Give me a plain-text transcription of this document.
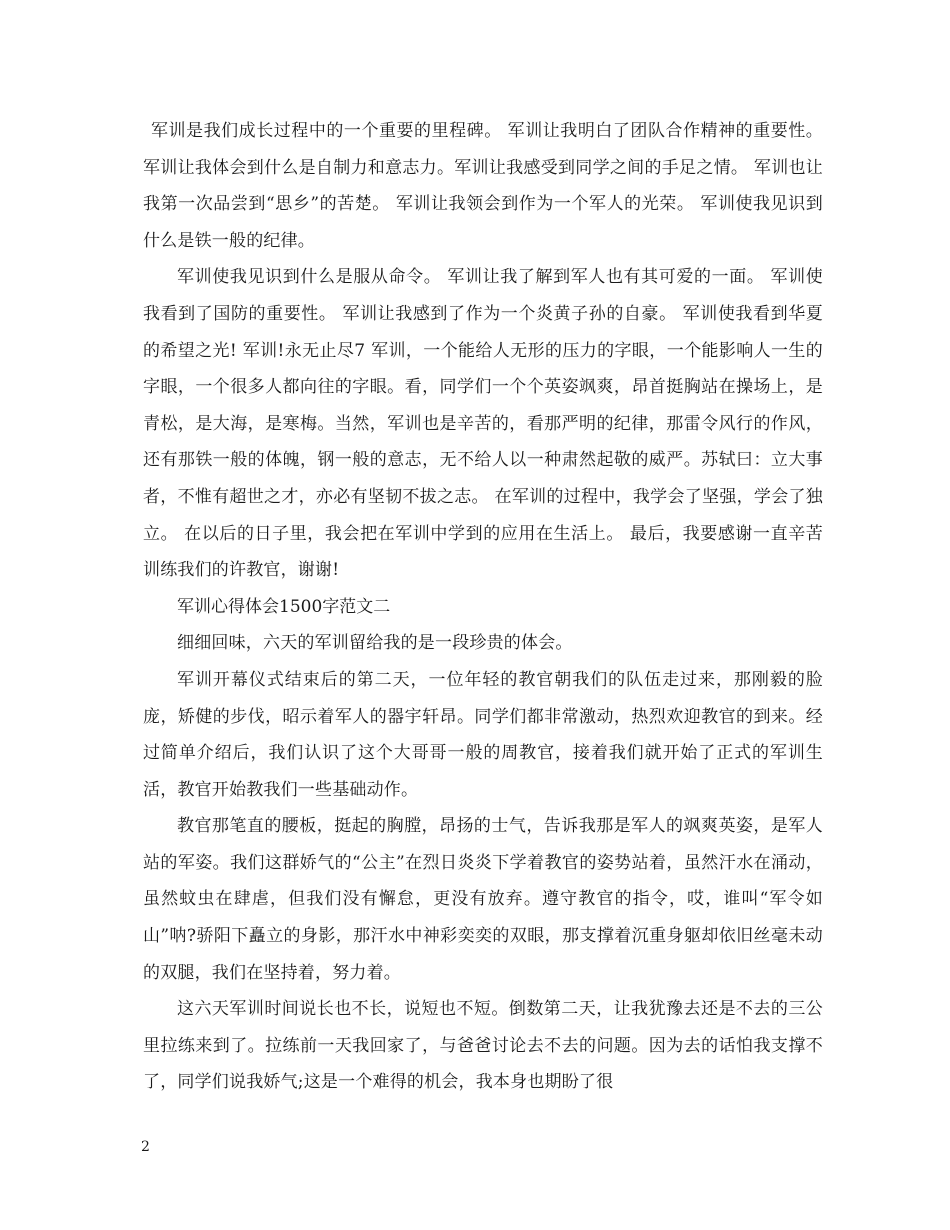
军训是我们成长过程中的一个重要的里程碑。 军训让我明白了团队合作精神的重要性。 军训让我体会到什么是自制力和意志力。军训让我感受到同学之间的手足之情。 军训也让我第一次品尝到“思乡”的苦楚。 军训让我领会到作为一个军人的光荣。 军训使我见识到什么是铁一般的纪律。

军训使我见识到什么是服从命令。 军训让我了解到军人也有其可爱的一面。 军训使我看到了国防的重要性。 军训让我感到了作为一个炎黄子孙的自豪。 军训使我看到华夏的希望之光! 军训!永无止尽7 军训，一个能给人无形的压力的字眼，一个能影响人一生的字眼，一个很多人都向往的字眼。看，同学们一个个英姿飒爽，昂首挺胸站在操场上，是青松，是大海，是寒梅。当然，军训也是辛苦的，看那严明的纪律，那雷令风行的作风，还有那铁一般的体魄，钢一般的意志，无不给人以一种肃然起敬的威严。苏轼曰：立大事者，不惟有超世之才，亦必有坚韧不拔之志。 在军训的过程中，我学会了坚强，学会了独立。 在以后的日子里，我会把在军训中学到的应用在生活上。 最后，我要感谢一直辛苦训练我们的许教官，谢谢!

军训心得体会1500字范文二

细细回味，六天的军训留给我的是一段珍贵的体会。

军训开幕仪式结束后的第二天，一位年轻的教官朝我们的队伍走过来，那刚毅的脸庞，矫健的步伐，昭示着军人的器宇轩昂。同学们都非常激动，热烈欢迎教官的到来。经过简单介绍后，我们认识了这个大哥哥一般的周教官，接着我们就开始了正式的军训生活，教官开始教我们一些基础动作。

教官那笔直的腰板，挺起的胸膛，昂扬的士气，告诉我那是军人的飒爽英姿，是军人站的军姿。我们这群娇气的“公主”在烈日炎炎下学着教官的姿势站着，虽然汗水在涌动，虽然蚊虫在肆虐，但我们没有懈怠，更没有放弃。遵守教官的指令，哎，谁叫“军令如山”呐?骄阳下矗立的身影，那汗水中神彩奕奕的双眼，那支撑着沉重身躯却依旧丝毫未动的双腿，我们在坚持着，努力着。

这六天军训时间说长也不长，说短也不短。倒数第二天，让我犹豫去还是不去的三公里拉练来到了。拉练前一天我回家了，与爸爸讨论去不去的问题。因为去的话怕我支撑不了，同学们说我娇气;这是一个难得的机会，我本身也期盼了很

2
